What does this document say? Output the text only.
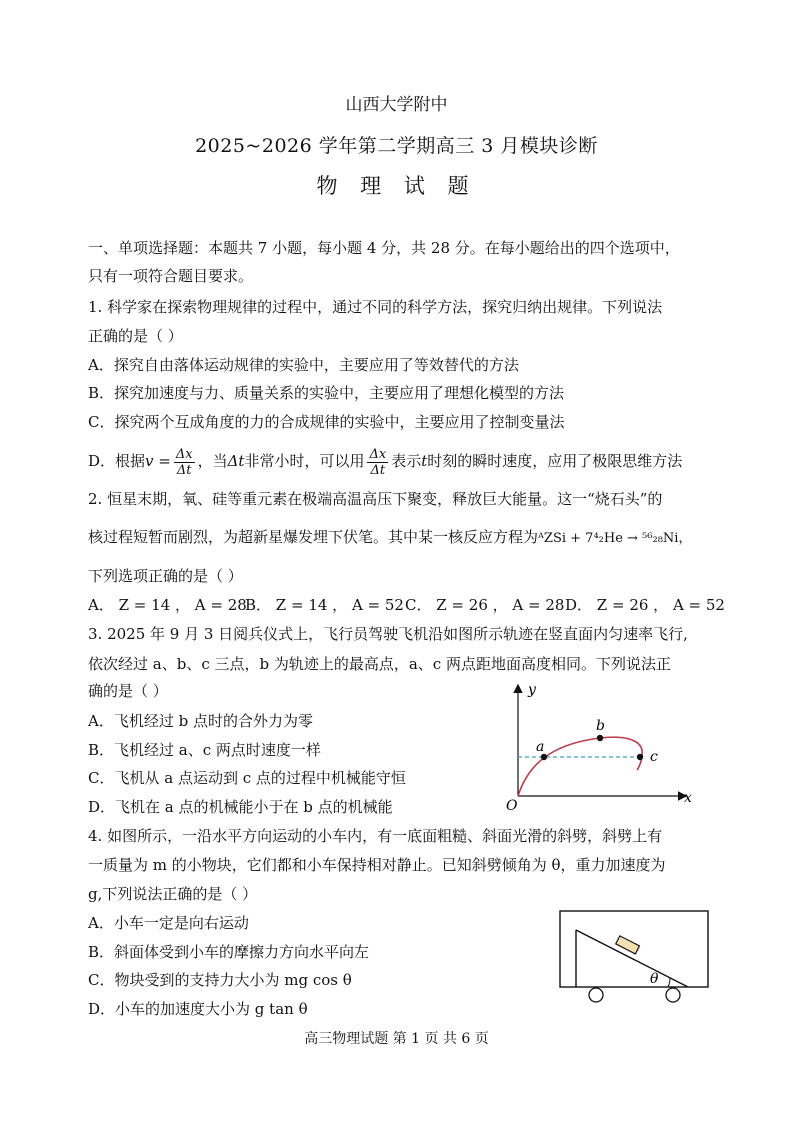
山西大学附中
2025~2026 学年第二学期高三 3 月模块诊断
物 理 试 题
一、单项选择题：本题共 7 小题，每小题 4 分，共 28 分。在每小题给出的四个选项中，
只有一项符合题目要求。
1. 科学家在探索物理规律的过程中，通过不同的科学方法，探究归纳出规律。下列说法
正确的是（ ）
A．探究自由落体运动规律的实验中，主要应用了等效替代的方法
B．探究加速度与力、质量关系的实验中，主要应用了理想化模型的方法
C．探究两个互成角度的力的合成规律的实验中，主要应用了控制变量法
D．根据$v = \frac{\Delta x}{\Delta t}$ ，当Δt非常小时，可以用 $\frac{\Delta x}{\Delta t}$ 表示t时刻的瞬时速度，应用了极限思维方法
2. 恒星末期，氧、硅等重元素在极端高温高压下聚变，释放巨大能量。这一“烧石头”的
核过程短暂而剧烈，为超新星爆发埋下伏笔。其中某一核反应方程为ᴬZSi + 7⁴₂He → ⁵⁶₂₈Ni，
下列选项正确的是（ ）
A． Z = 14 ， A = 28
B． Z = 14 ， A = 52 C． Z = 26 ， A = 28 D． Z = 26 ， A = 52
3. 2025 年 9 月 3 日阅兵仪式上，飞行员驾驶飞机沿如图所示轨迹在竖直面内匀速率飞行,
依次经过 a、b、c 三点，b 为轨迹上的最高点，a、c 两点距地面高度相同。下列说法正
确的是（ ）
A．飞机经过 b 点时的合外力为零
B．飞机经过 a、c 两点时速度一样
C．飞机从 a 点运动到 c 点的过程中机械能守恒
D．飞机在 a 点的机械能小于在 b 点的机械能
y
x
O
a
b
c
4. 如图所示，一沿水平方向运动的小车内，有一底面粗糙、斜面光滑的斜劈，斜劈上有
一质量为 m 的小物块，它们都和小车保持相对静止。已知斜劈倾角为 θ，重力加速度为
g,下列说法正确的是（ ）
A．小车一定是向右运动
B．斜面体受到小车的摩擦力方向水平向左
C．物块受到的支持力大小为 mg cos θ
D．小车的加速度大小为 g tan θ
θ
高三物理试题 第 1 页 共 6 页
